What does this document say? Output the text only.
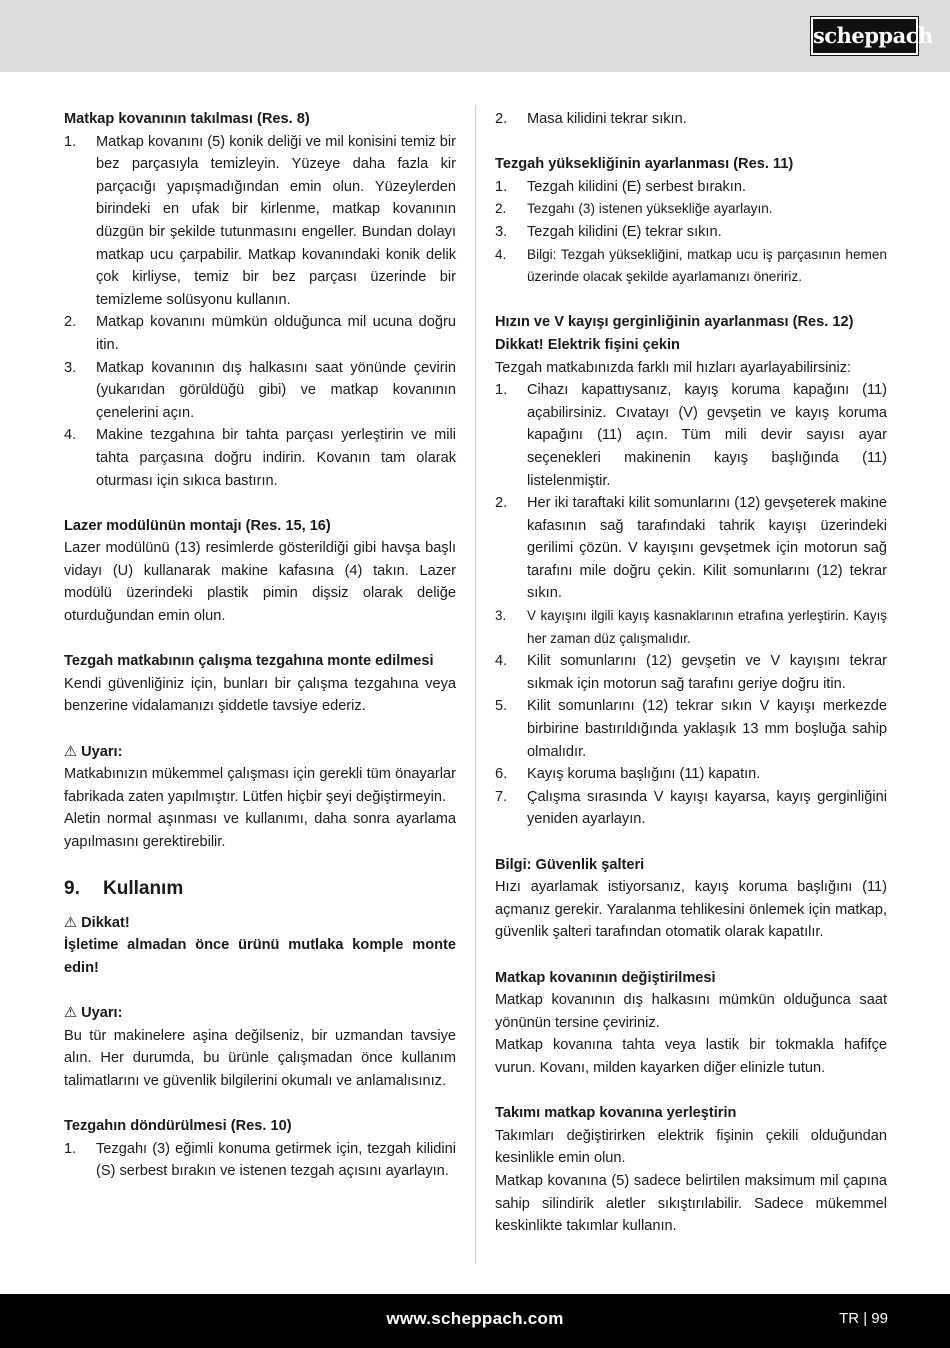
scheppach

Matkap kovanının takılması (Res. 8)

1. Matkap kovanını (5) konik deliği ve mil konisini temiz bir bez parçasıyla temizleyin. Yüzeye daha fazla kir parçacığı yapışmadığından emin olun. Yüzeylerden birindeki en ufak bir kirlenme, matkap kovanının düzgün bir şekilde tutunmasını engeller. Bundan dolayı matkap ucu çarpabilir. Matkap kovanındaki konik delik çok kirliyse, temiz bir bez parçası üzerinde bir temizleme solüsyonu kullanın.
2. Matkap kovanını mümkün olduğunca mil ucuna doğru itin.
3. Matkap kovanının dış halkasını saat yönünde çevirin (yukarıdan görüldüğü gibi) ve matkap kovanının çenelerini açın.
4. Makine tezgahına bir tahta parçası yerleştirin ve mili tahta parçasına doğru indirin. Kovanın tam olarak oturması için sıkıca bastırın.

Lazer modülünün montajı (Res. 15, 16)

Lazer modülünü (13) resimlerde gösterildiği gibi havşa başlı vidayı (U) kullanarak makine kafasına (4) takın. Lazer modülü üzerindeki plastik pimin dişsiz olarak deliğe oturduğundan emin olun.

Tezgah matkabının çalışma tezgahına monte edilmesi

Kendi güvenliğiniz için, bunları bir çalışma tezgahına veya benzerine vidalamanızı şiddetle tavsiye ederiz.

⚠ Uyarı:

Matkabınızın mükemmel çalışması için gerekli tüm önayarlar fabrikada zaten yapılmıştır. Lütfen hiçbir şeyi değiştirmeyin.

Aletin normal aşınması ve kullanımı, daha sonra ayarlama yapılmasını gerektirebilir.

9. Kullanım

⚠ Dikkat!

İşletime almadan önce ürünü mutlaka komple monte edin!

⚠ Uyarı:

Bu tür makinelere aşina değilseniz, bir uzmandan tavsiye alın. Her durumda, bu ürünle çalışmadan önce kullanım talimatlarını ve güvenlik bilgilerini okumalı ve anlamalısınız.

Tezgahın döndürülmesi (Res. 10)

1. Tezgahı (3) eğimli konuma getirmek için, tezgah kilidini (S) serbest bırakın ve istenen tezgah açısını ayarlayın.
2. Masa kilidini tekrar sıkın.

Tezgah yüksekliğinin ayarlanması (Res. 11)

1. Tezgah kilidini (E) serbest bırakın.
2. Tezgahı (3) istenen yüksekliğe ayarlayın.
3. Tezgah kilidini (E) tekrar sıkın.
4. Bilgi: Tezgah yüksekliğini, matkap ucu iş parçasının hemen üzerinde olacak şekilde ayarlamanızı öneririz.

Hızın ve V kayışı gerginliğinin ayarlanması (Res. 12)

Dikkat! Elektrik fişini çekin

Tezgah matkabınızda farklı mil hızları ayarlayabilirsiniz:

1. Cihazı kapattıysanız, kayış koruma kapağını (11) açabilirsiniz. Cıvatayı (V) gevşetin ve kayış koruma kapağını (11) açın. Tüm mili devir sayısı ayar seçenekleri makinenin kayış başlığında (11) listelenmiştir.
2. Her iki taraftaki kilit somunlarını (12) gevşeterek makine kafasının sağ tarafındaki tahrik kayışı üzerindeki gerilimi çözün. V kayışını gevşetmek için motorun sağ tarafını mile doğru çekin. Kilit somunlarını (12) tekrar sıkın.
3. V kayışını ilgili kayış kasnaklarının etrafına yerleştirin. Kayış her zaman düz çalışmalıdır.
4. Kilit somunlarını (12) gevşetin ve V kayışını tekrar sıkmak için motorun sağ tarafını geriye doğru itin.
5. Kilit somunlarını (12) tekrar sıkın V kayışı merkezde birbirine bastırıldığında yaklaşık 13 mm boşluğa sahip olmalıdır.
6. Kayış koruma başlığını (11) kapatın.
7. Çalışma sırasında V kayışı kayarsa, kayış gerginliğini yeniden ayarlayın.

Bilgi: Güvenlik şalteri

Hızı ayarlamak istiyorsanız, kayış koruma başlığını (11) açmanız gerekir. Yaralanma tehlikesini önlemek için matkap, güvenlik şalteri tarafından otomatik olarak kapatılır.

Matkap kovanının değiştirilmesi

Matkap kovanının dış halkasını mümkün olduğunca saat yönünün tersine çeviriniz.

Matkap kovanına tahta veya lastik bir tokmakla hafifçe vurun. Kovanı, milden kayarken diğer elinizle tutun.

Takımı matkap kovanına yerleştirin

Takımları değiştirirken elektrik fişinin çekili olduğundan kesinlikle emin olun.

Matkap kovanına (5) sadece belirtilen maksimum mil çapına sahip silindirik aletler sıkıştırılabilir. Sadece mükemmel keskinlikte takımlar kullanın.

www.scheppach.com	TR | 99
